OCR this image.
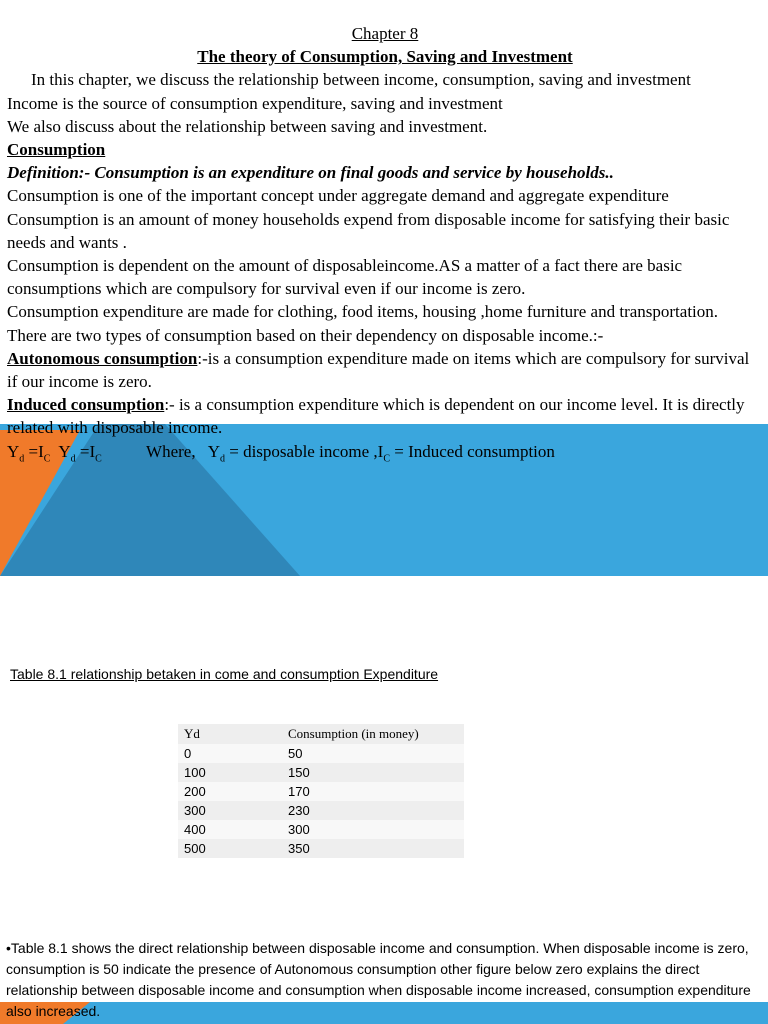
Chapter 8

The theory of Consumption, Saving and Investment

In this chapter, we discuss the relationship between income, consumption, saving and investment

Income is the source of consumption expenditure, saving and investment

We also discuss about the relationship between saving and investment.

Consumption

Definition:- Consumption is an expenditure on final goods and service by households..

Consumption is one of the important concept under aggregate demand and aggregate expenditure

Consumption is an amount of money households expend from disposable income for satisfying their basic needs and wants .

Consumption is dependent on the amount of disposableincome.AS a matter of a fact there are basic consumptions which are compulsory for survival even if our income is zero.

Consumption expenditure are made for clothing, food items, housing ,home furniture and transportation.

There are two types of consumption based on their dependency on disposable income.:-

Autonomous consumption:-is a consumption expenditure made on items which are compulsory for survival if our income is zero.

Induced consumption:- is a consumption expenditure which is dependent on our income level. It is directly related with disposable income.

$Y_d =I_C$ $Y_d =I_C$	Where, $Y_d$ = disposable income $,I_C$ = Induced consumption

Table 8.1 relationship betaken in come and consumption Expenditure
Yd	Consumption (in money)
0	50
100	150
200	170
300	230
400	300
500	350

•Table 8.1 shows the direct relationship between disposable income and consumption. When disposable income is zero, consumption is 50 indicate the presence of Autonomous consumption other figure below zero explains the direct relationship between disposable income and consumption when disposable income increased, consumption expenditure also increased.
